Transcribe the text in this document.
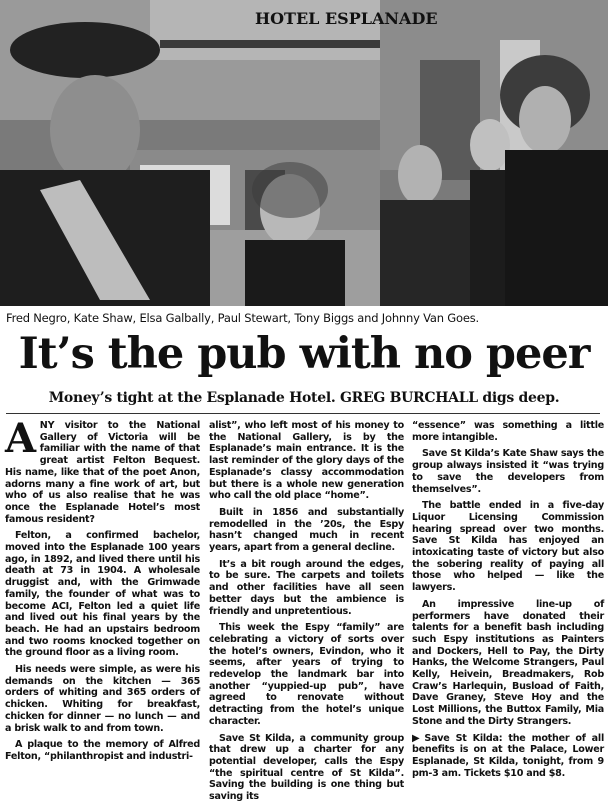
HOTEL ESPLANADE
Fred Negro, Kate Shaw, Elsa Galbally, Paul Stewart, Tony Biggs and Johnny Van Goes.
It’s the pub with no peer
Money’s tight at the Esplanade Hotel. GREG BURCHALL digs deep.

ANY visitor to the National Gallery of Victoria will be familiar with the name of that great artist Felton Bequest. His name, like that of the poet Anon, adorns many a fine work of art, but who of us also realise that he was once the Esplanade Hotel’s most famous resident?

Felton, a confirmed bachelor, moved into the Esplanade 100 years ago, in 1892, and lived there until his death at 73 in 1904. A wholesale druggist and, with the Grimwade family, the founder of what was to become ACI, Felton led a quiet life and lived out his final years by the beach. He had an upstairs bedroom and two rooms knocked together on the ground floor as a living room.

His needs were simple, as were his demands on the kitchen — 365 orders of whiting and 365 orders of chicken. Whiting for breakfast, chicken for dinner — no lunch — and a brisk walk to and from town.

A plaque to the memory of Alfred Felton, “philanthropist and industri-

alist”, who left most of his money to the National Gallery, is by the Esplanade’s main entrance. It is the last reminder of the glory days of the Esplanade’s classy accommodation but there is a whole new generation who call the old place “home”.

Built in 1856 and substantially remodelled in the ’20s, the Espy hasn’t changed much in recent years, apart from a general decline.

It’s a bit rough around the edges, to be sure. The carpets and toilets and other facilities have all seen better days but the ambience is friendly and unpretentious.

This week the Espy “family” are celebrating a victory of sorts over the hotel’s owners, Evindon, who it seems, after years of trying to redevelop the landmark bar into another “yuppied-up pub”, have agreed to renovate without detracting from the hotel’s unique character.

Save St Kilda, a community group that drew up a charter for any potential developer, calls the Espy “the spiritual centre of St Kilda”. Saving the building is one thing but saving its

“essence” was something a little more intangible.

Save St Kilda’s Kate Shaw says the group always insisted it “was trying to save the developers from themselves”.

The battle ended in a five-day Liquor Licensing Commission hearing spread over two months. Save St Kilda has enjoyed an intoxicating taste of victory but also the sobering reality of paying all those who helped — like the lawyers.

An impressive line-up of performers have donated their talents for a benefit bash including such Espy institutions as Painters and Dockers, Hell to Pay, the Dirty Hanks, the Welcome Strangers, Paul Kelly, Heivein, Breadmakers, Rob Craw’s Harlequin, Busload of Faith, Dave Graney, Steve Hoy and the Lost Millions, the Buttox Family, Mia Stone and the Dirty Strangers.

▶ Save St Kilda: the mother of all benefits is on at the Palace, Lower Esplanade, St Kilda, tonight, from 9 pm-3 am. Tickets $10 and $8.
